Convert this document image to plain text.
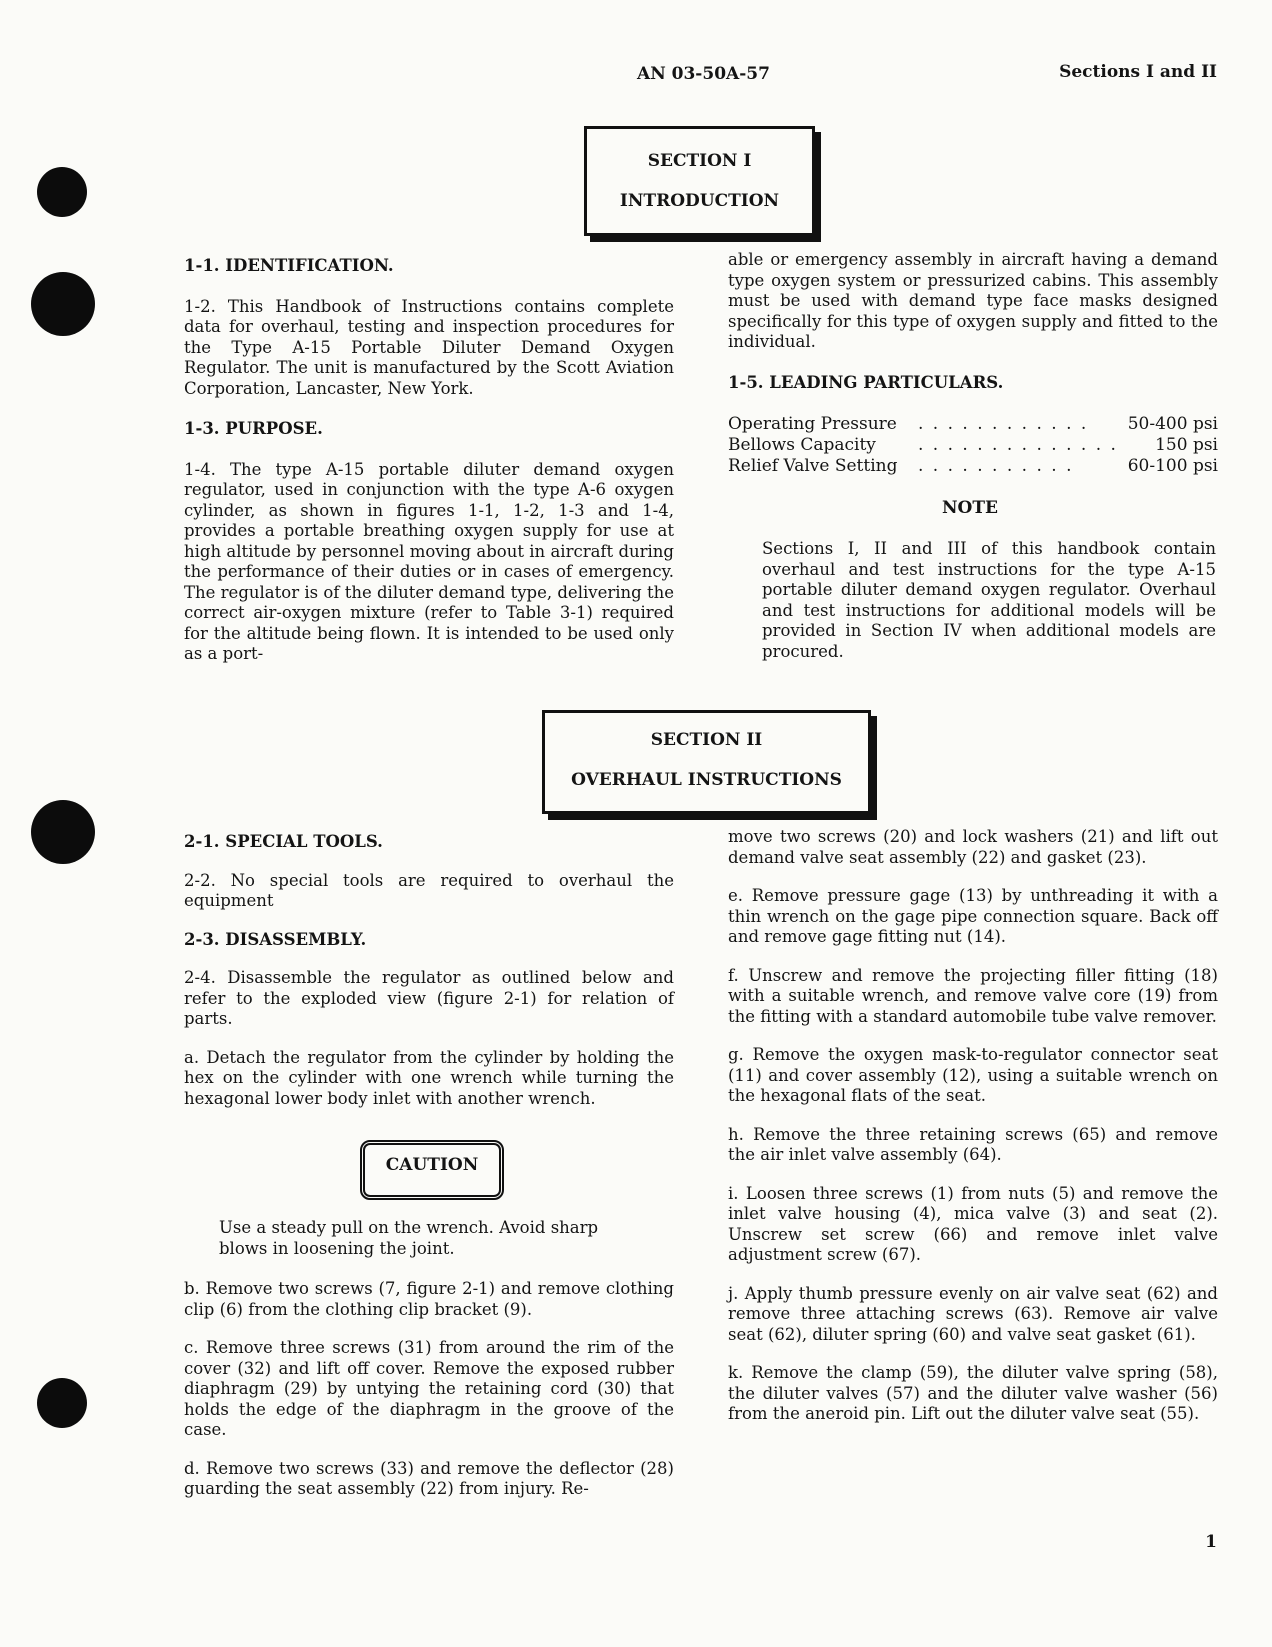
AN 03-50A-57	Sections I and II
SECTION I
INTRODUCTION

1-1. IDENTIFICATION.

1-2. This Handbook of Instructions contains complete data for overhaul, testing and inspection procedures for the Type A-15 Portable Diluter Demand Oxygen Regulator. The unit is manufactured by the Scott Aviation Corporation, Lancaster, New York.

1-3. PURPOSE.

1-4. The type A-15 portable diluter demand oxygen regulator, used in conjunction with the type A-6 oxygen cylinder, as shown in figures 1-1, 1-2, 1-3 and 1-4, provides a portable breathing oxygen supply for use at high altitude by personnel moving about in aircraft during the performance of their duties or in cases of emergency. The regulator is of the diluter demand type, delivering the correct air-oxygen mixture (refer to Table 3-1) required for the altitude being flown. It is intended to be used only as a port-

able or emergency assembly in aircraft having a demand type oxygen system or pressurized cabins. This assembly must be used with demand type face masks designed specifically for this type of oxygen supply and fitted to the individual.

1-5. LEADING PARTICULARS.

Operating Pressure . . . . . . . . . . . . 50-400 psi
Bellows Capacity . . . . . . . . . . . . . . 150 psi
Relief Valve Setting . . . . . . . . . . .	60-100 psi
NOTE
Sections I, II and III of this handbook contain overhaul and test instructions for the type A-15 portable diluter demand oxygen regulator. Overhaul and test instructions for additional models will be provided in Section IV when additional models are procured.
SECTION II
OVERHAUL INSTRUCTIONS

2-1. SPECIAL TOOLS.

2-2. No special tools are required to overhaul the equipment

2-3. DISASSEMBLY.

2-4. Disassemble the regulator as outlined below and refer to the exploded view (figure 2-1) for relation of parts.

a. Detach the regulator from the cylinder by holding the hex on the cylinder with one wrench while turning the hexagonal lower body inlet with another wrench.

CAUTION
Use a steady pull on the wrench. Avoid sharp blows in loosening the joint.

b. Remove two screws (7, figure 2-1) and remove clothing clip (6) from the clothing clip bracket (9).

c. Remove three screws (31) from around the rim of the cover (32) and lift off cover. Remove the exposed rubber diaphragm (29) by untying the retaining cord (30) that holds the edge of the diaphragm in the groove of the case.

d. Remove two screws (33) and remove the deflector (28) guarding the seat assembly (22) from injury. Re-

move two screws (20) and lock washers (21) and lift out demand valve seat assembly (22) and gasket (23).

e. Remove pressure gage (13) by unthreading it with a thin wrench on the gage pipe connection square. Back off and remove gage fitting nut (14).

f. Unscrew and remove the projecting filler fitting (18) with a suitable wrench, and remove valve core (19) from the fitting with a standard automobile tube valve remover.

g. Remove the oxygen mask-to-regulator connector seat (11) and cover assembly (12), using a suitable wrench on the hexagonal flats of the seat.

h. Remove the three retaining screws (65) and remove the air inlet valve assembly (64).

i. Loosen three screws (1) from nuts (5) and remove the inlet valve housing (4), mica valve (3) and seat (2). Unscrew set screw (66) and remove inlet valve adjustment screw (67).

j. Apply thumb pressure evenly on air valve seat (62) and remove three attaching screws (63). Remove air valve seat (62), diluter spring (60) and valve seat gasket (61).

k. Remove the clamp (59), the diluter valve spring (58), the diluter valves (57) and the diluter valve washer (56) from the aneroid pin. Lift out the diluter valve seat (55).

1
